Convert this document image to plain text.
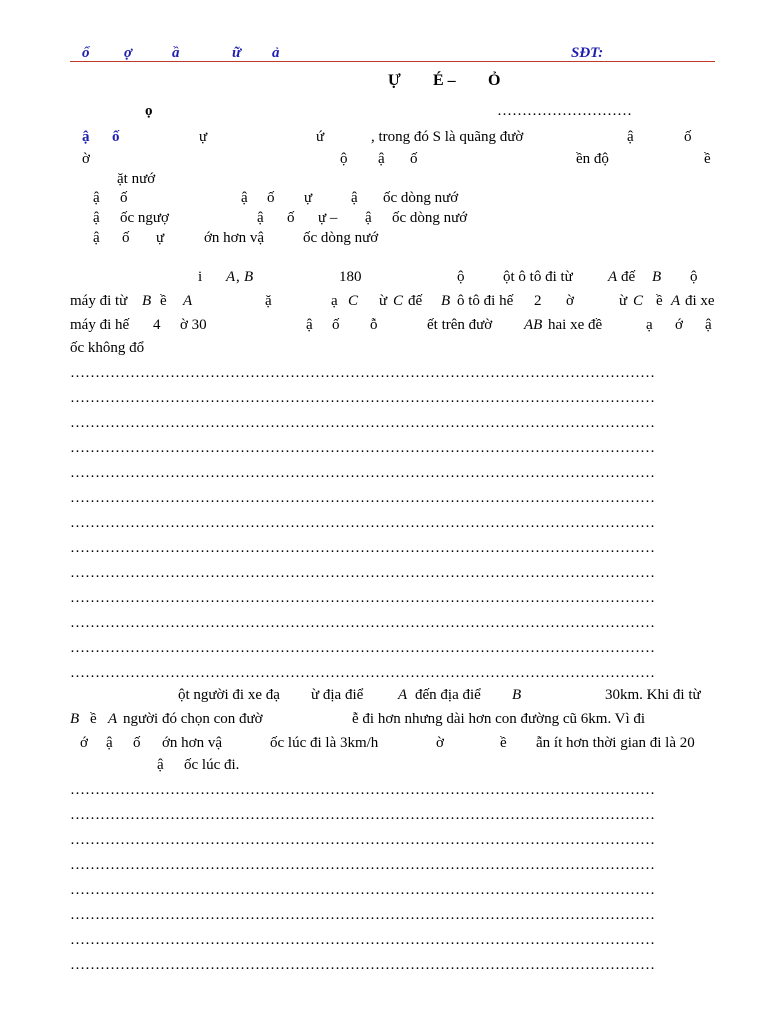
ổ ợ	ầ	ữ ả	SĐT:
Ự É – Ỏ
ọ	………………………
ậ ố	ự	ứ	, trong đó S là quãng đườ	ậ	ố
ờ	ộ ậ ố	ền độ	ề
ặt nướ
ậ ố	ậ ố ự	ậ ốc dòng nướ
ậ ốc ngượ	ậ ố ự – ậ ốc dòng nướ
ậ ố ự	ớn hơn vậ	ốc dòng nướ
i A , B	180	ộ	ột ô tô đi từ A đế B ộ
máy đi từ B ề A	ặ	ạ C ừ C đế B ô tô đi hế 2 ờ	ừ C ề A đi xe
máy đi hế 4 ờ 30	ậ ố ỗ	ết trên đườ AB hai xe đề	ạ ớ ậ
ốc không đổ
………………………………………………………………………………………………………
………………………………………………………………………………………………………
………………………………………………………………………………………………………
………………………………………………………………………………………………………
………………………………………………………………………………………………………
………………………………………………………………………………………………………
………………………………………………………………………………………………………
………………………………………………………………………………………………………
………………………………………………………………………………………………………
………………………………………………………………………………………………………
………………………………………………………………………………………………………
………………………………………………………………………………………………………
………………………………………………………………………………………………………
ột người đi xe đạ ừ địa điể A đến địa điể B	30km. Khi đi từ
B ề A người đó chọn con đườ	ễ đi hơn nhưng dài hơn con đường cũ 6km. Vì đi
ớ ậ ố ớn hơn vậ	ốc lúc đi là 3km/h	ờ	ề ẫn ít hơn thời gian đi là 20
ậ ốc lúc đi.
………………………………………………………………………………………………………
………………………………………………………………………………………………………
………………………………………………………………………………………………………
………………………………………………………………………………………………………
………………………………………………………………………………………………………
………………………………………………………………………………………………………
………………………………………………………………………………………………………
………………………………………………………………………………………………………
